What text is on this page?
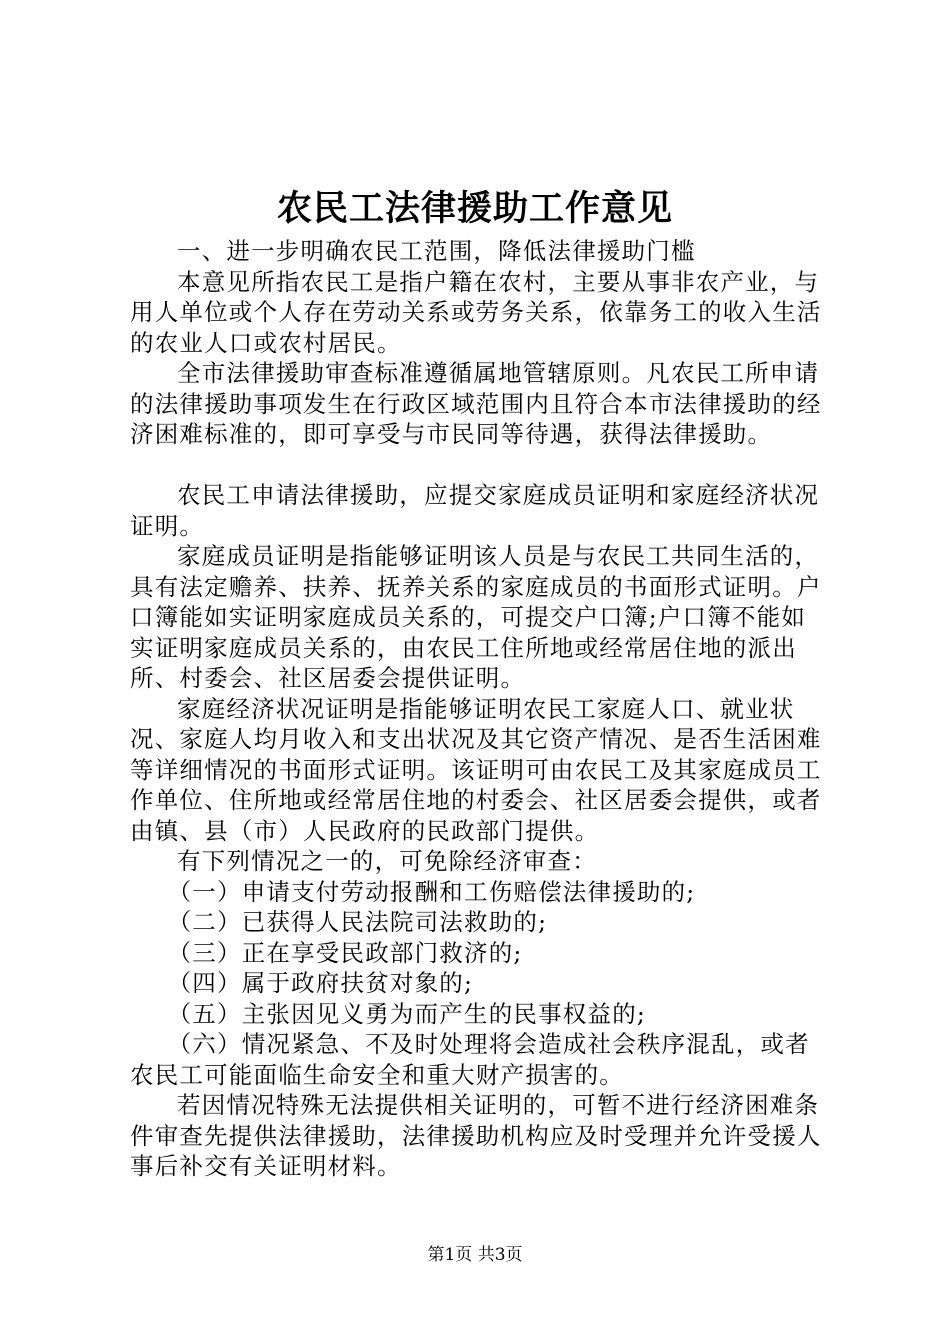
农民工法律援助工作意见

一、进一步明确农民工范围，降低法律援助门槛

本意见所指农民工是指户籍在农村，主要从事非农产业，与用人单位或个人存在劳动关系或劳务关系，依靠务工的收入生活的农业人口或农村居民。

全市法律援助审查标准遵循属地管辖原则。凡农民工所申请的法律援助事项发生在行政区域范围内且符合本市法律援助的经济困难标准的，即可享受与市民同等待遇，获得法律援助。

农民工申请法律援助，应提交家庭成员证明和家庭经济状况证明。

家庭成员证明是指能够证明该人员是与农民工共同生活的，具有法定赡养、扶养、抚养关系的家庭成员的书面形式证明。户口簿能如实证明家庭成员关系的，可提交户口簿;户口簿不能如实证明家庭成员关系的，由农民工住所地或经常居住地的派出所、村委会、社区居委会提供证明。

家庭经济状况证明是指能够证明农民工家庭人口、就业状况、家庭人均月收入和支出状况及其它资产情况、是否生活困难等详细情况的书面形式证明。该证明可由农民工及其家庭成员工作单位、住所地或经常居住地的村委会、社区居委会提供，或者由镇、县（市）人民政府的民政部门提供。

有下列情况之一的，可免除经济审查：

（一）申请支付劳动报酬和工伤赔偿法律援助的;

（二）已获得人民法院司法救助的;

（三）正在享受民政部门救济的;

（四）属于政府扶贫对象的;

（五）主张因见义勇为而产生的民事权益的;

（六）情况紧急、不及时处理将会造成社会秩序混乱，或者农民工可能面临生命安全和重大财产损害的。

若因情况特殊无法提供相关证明的，可暂不进行经济困难条件审查先提供法律援助，法律援助机构应及时受理并允许受援人事后补交有关证明材料。

第1页 共3页
